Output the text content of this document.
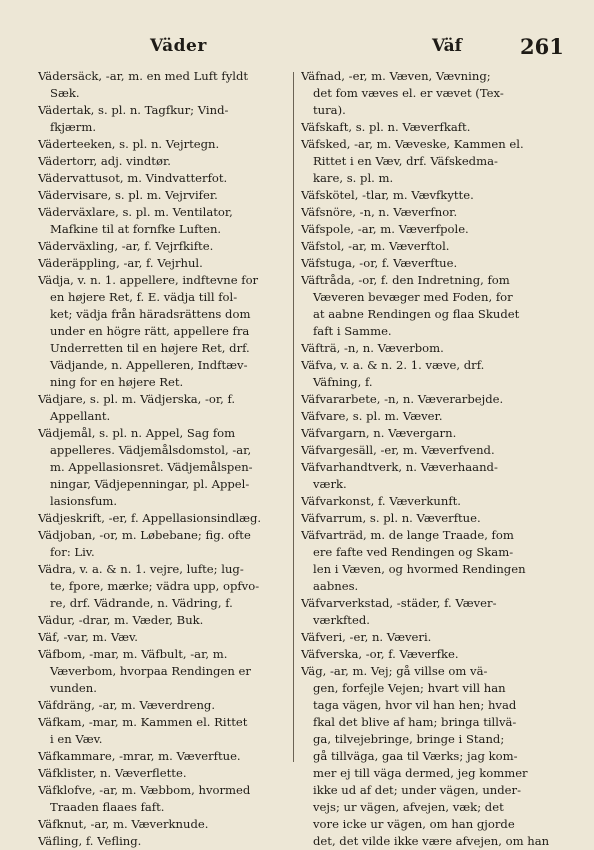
Väder	Väf	261
Vädersäck, -ar, m. en med Luft fyldt
Sæk.
Vädertak, s. pl. n. Tagfkur; Vind-
fkjærm.
Väderteeken, s. pl. n. Vejrtegn.
Vädertorr, adj. vindtør.
Vädervattusot, m. Vindvatterfot.
Vädervisare, s. pl. m. Vejrvifer.
Väderväxlare, s. pl. m. Ventilator,
Mafkine til at fornfke Luften.
Väderväxling, -ar, f. Vejrfkifte.
Väderäppling, -ar, f. Vejrhul.
Vädja, v. n. 1. appellere, indftevne for
en højere Ret, f. E. vädja till fol-
ket; vädja från häradsrättens dom
under en högre rätt, appellere fra
Underretten til en højere Ret, drf.
Vädjande, n. Appelleren, Indftæv-
ning for en højere Ret.
Vädjare, s. pl. m. Vädjerska, -or, f.
Appellant.
Vädjemål, s. pl. n. Appel, Sag fom
appelleres. Vädjemålsdomstol, -ar,
m. Appellasionsret. Vädjemålspen-
ningar, Vädjepenningar, pl. Appel-
lasionsfum.
Vädjeskrift, -er, f. Appellasionsindlæg.
Vädjoban, -or, m. Løbebane; fig. ofte
for: Liv.
Vädra, v. a. & n. 1. vejre, lufte; lug-
te, fpore, mærke; vädra upp, opfvo-
re, drf. Vädrande, n. Vädring, f.
Vädur, -drar, m. Væder, Buk.
Väf, -var, m. Væv.
Väfbom, -mar, m. Väfbult, -ar, m.
Væverbom, hvorpaa Rendingen er
vunden.
Väfdräng, -ar, m. Væverdreng.
Väfkam, -mar, m. Kammen el. Rittet
i en Væv.
Väfkammare, -mrar, m. Væverftue.
Väfklister, n. Væverflette.
Väfklofve, -ar, m. Væbbom, hvormed
Traaden flaaes faft.
Väfknut, -ar, m. Væverknude.
Väfling, f. Vefling.
Väfnad, -er, m. Væven, Vævning;
det fom væves el. er vævet (Tex-
tura).
Väfskaft, s. pl. n. Væverfkaft.
Väfsked, -ar, m. Væveske, Kammen el.
Rittet i en Væv, drf. Väfskedma-
kare, s. pl. m.
Väfskötel, -tlar, m. Vævfkytte.
Väfsnöre, -n, n. Væverfnor.
Väfspole, -ar, m. Væverfpole.
Väfstol, -ar, m. Væverftol.
Väfstuga, -or, f. Væverftue.
Väftråda, -or, f. den Indretning, fom
Væveren bevæger med Foden, for
at aabne Rendingen og flaa Skudet
faft i Samme.
Väfträ, -n, n. Væverbom.
Väfva, v. a. & n. 2. 1. væve, drf.
Väfning, f.
Väfvararbete, -n, n. Væverarbejde.
Väfvare, s. pl. m. Væver.
Väfvargarn, n. Vævergarn.
Väfvargesäll, -er, m. Væverfvend.
Väfvarhandtverk, n. Væverhaand-
værk.
Väfvarkonst, f. Væverkunft.
Väfvarrum, s. pl. n. Væverftue.
Väfvarträd, m. de lange Traade, fom
ere fafte ved Rendingen og Skam-
len i Væven, og hvormed Rendingen
aabnes.
Väfvarverkstad, -städer, f. Væver-
værkfted.
Väfveri, -er, n. Væveri.
Väfverska, -or, f. Væverfke.
Väg, -ar, m. Vej; gå villse om vä-
gen, forfejle Vejen; hvart vill han
taga vägen, hvor vil han hen; hvad
fkal det blive af ham; bringa tillvä-
ga, tilvejebringe, bringe i Stand;
gå tillväga, gaa til Værks; jag kom-
mer ej till väga dermed, jeg kommer
ikke ud af det; under vägen, under-
vejs; ur vägen, afvejen, væk; det
vore icke ur vägen, om han gjorde
det, det vilde ikke være afvejen, om han
